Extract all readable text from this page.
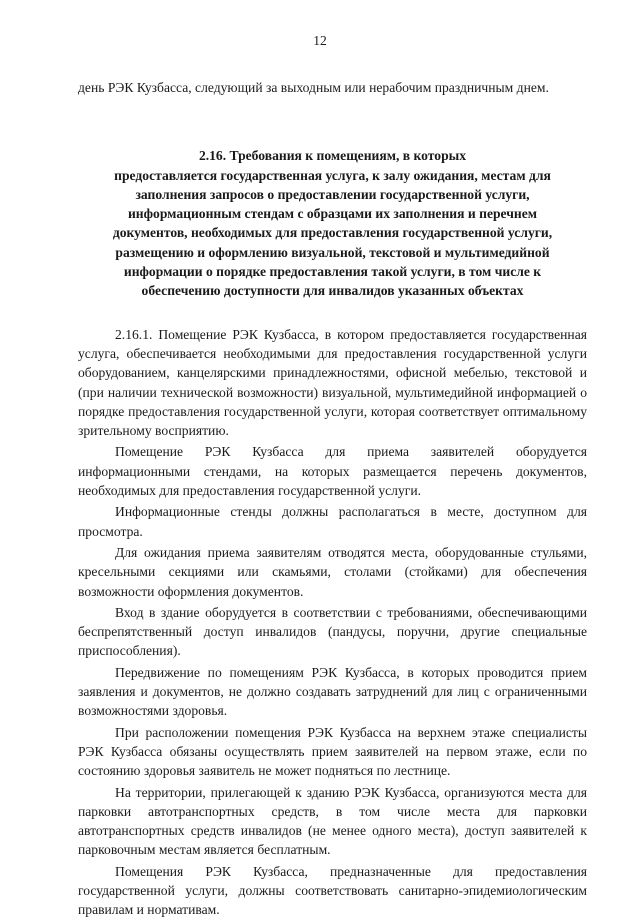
12

день РЭК Кузбасса, следующий за выходным или нерабочим праздничным днем.

2.16. Требования к помещениям, в которых
предоставляется государственная услуга, к залу ожидания, местам для
заполнения запросов о предоставлении государственной услуги,
информационным стендам с образцами их заполнения и перечнем
документов, необходимых для предоставления государственной услуги,
размещению и оформлению визуальной, текстовой и мультимедийной
информации о порядке предоставления такой услуги, в том числе к
обеспечению доступности для инвалидов указанных объектах

2.16.1. Помещение РЭК Кузбасса, в котором предоставляется государственная услуга, обеспечивается необходимыми для предоставления государственной услуги оборудованием, канцелярскими принадлежностями, офисной мебелью, текстовой и (при наличии технической возможности) визуальной, мультимедийной информацией о порядке предоставления государственной услуги, которая соответствует оптимальному зрительному восприятию.

Помещение РЭК Кузбасса для приема заявителей оборудуется информационными стендами, на которых размещается перечень документов, необходимых для предоставления государственной услуги.

Информационные стенды должны располагаться в месте, доступном для просмотра.

Для ожидания приема заявителям отводятся места, оборудованные стульями, кресельными секциями или скамьями, столами (стойками) для обеспечения возможности оформления документов.

Вход в здание оборудуется в соответствии с требованиями, обеспечивающими беспрепятственный доступ инвалидов (пандусы, поручни, другие специальные приспособления).

Передвижение по помещениям РЭК Кузбасса, в которых проводится прием заявления и документов, не должно создавать затруднений для лиц с ограниченными возможностями здоровья.

При расположении помещения РЭК Кузбасса на верхнем этаже специалисты РЭК Кузбасса обязаны осуществлять прием заявителей на первом этаже, если по состоянию здоровья заявитель не может подняться по лестнице.

На территории, прилегающей к зданию РЭК Кузбасса, организуются места для парковки автотранспортных средств, в том числе места для парковки автотранспортных средств инвалидов (не менее одного места), доступ заявителей к парковочным местам является бесплатным.

Помещения РЭК Кузбасса, предназначенные для предоставления государственной услуги, должны соответствовать санитарно-эпидемиологическим правилам и нормативам.
